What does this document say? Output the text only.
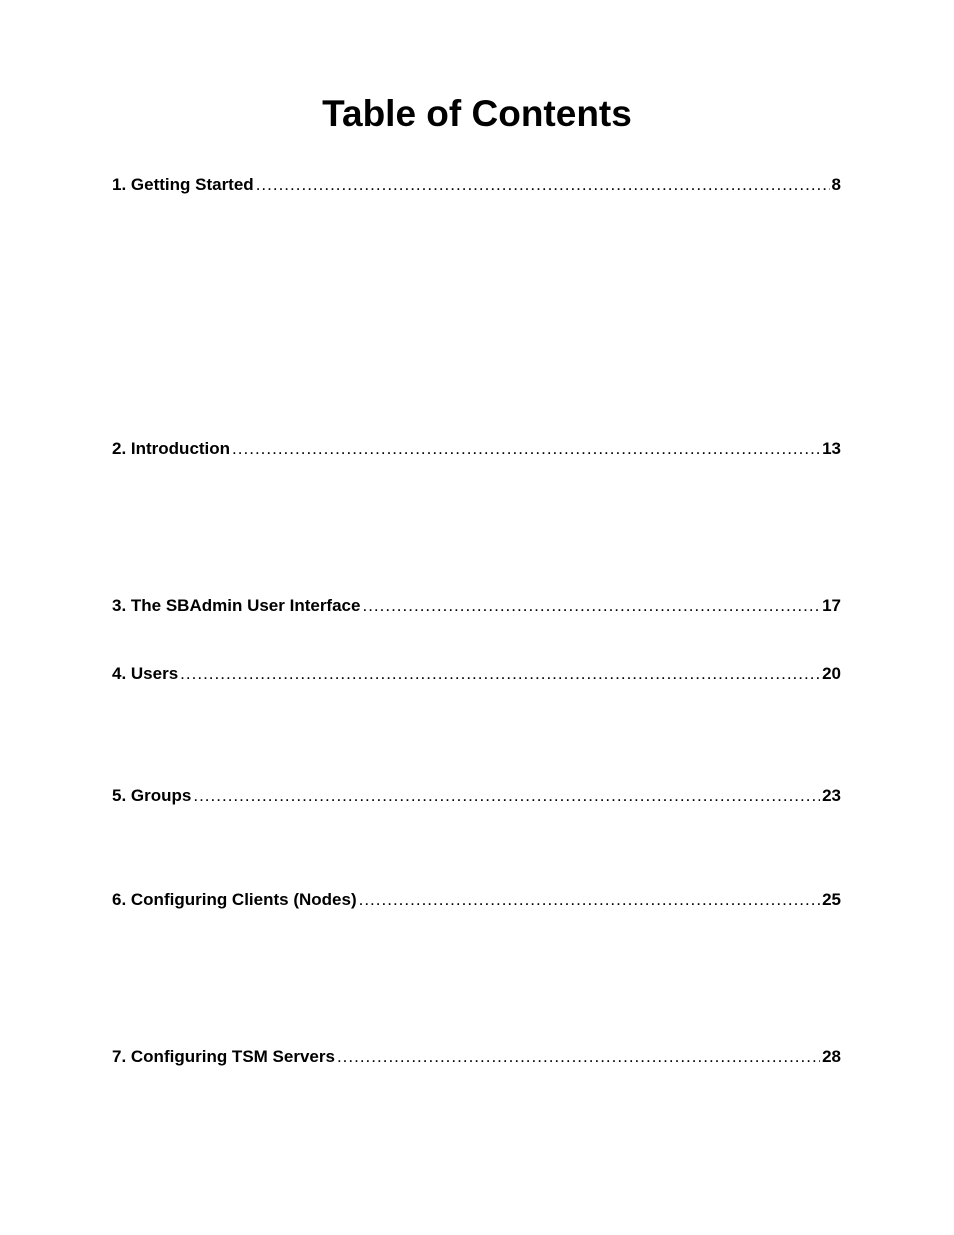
Table of Contents
1. Getting Started .....	8
2. Introduction .....	13
3. The SBAdmin User Interface .....	17
4. Users .....	20
5. Groups .....	23
6. Configuring Clients (Nodes) .....	25
7. Configuring TSM Servers .....	28
